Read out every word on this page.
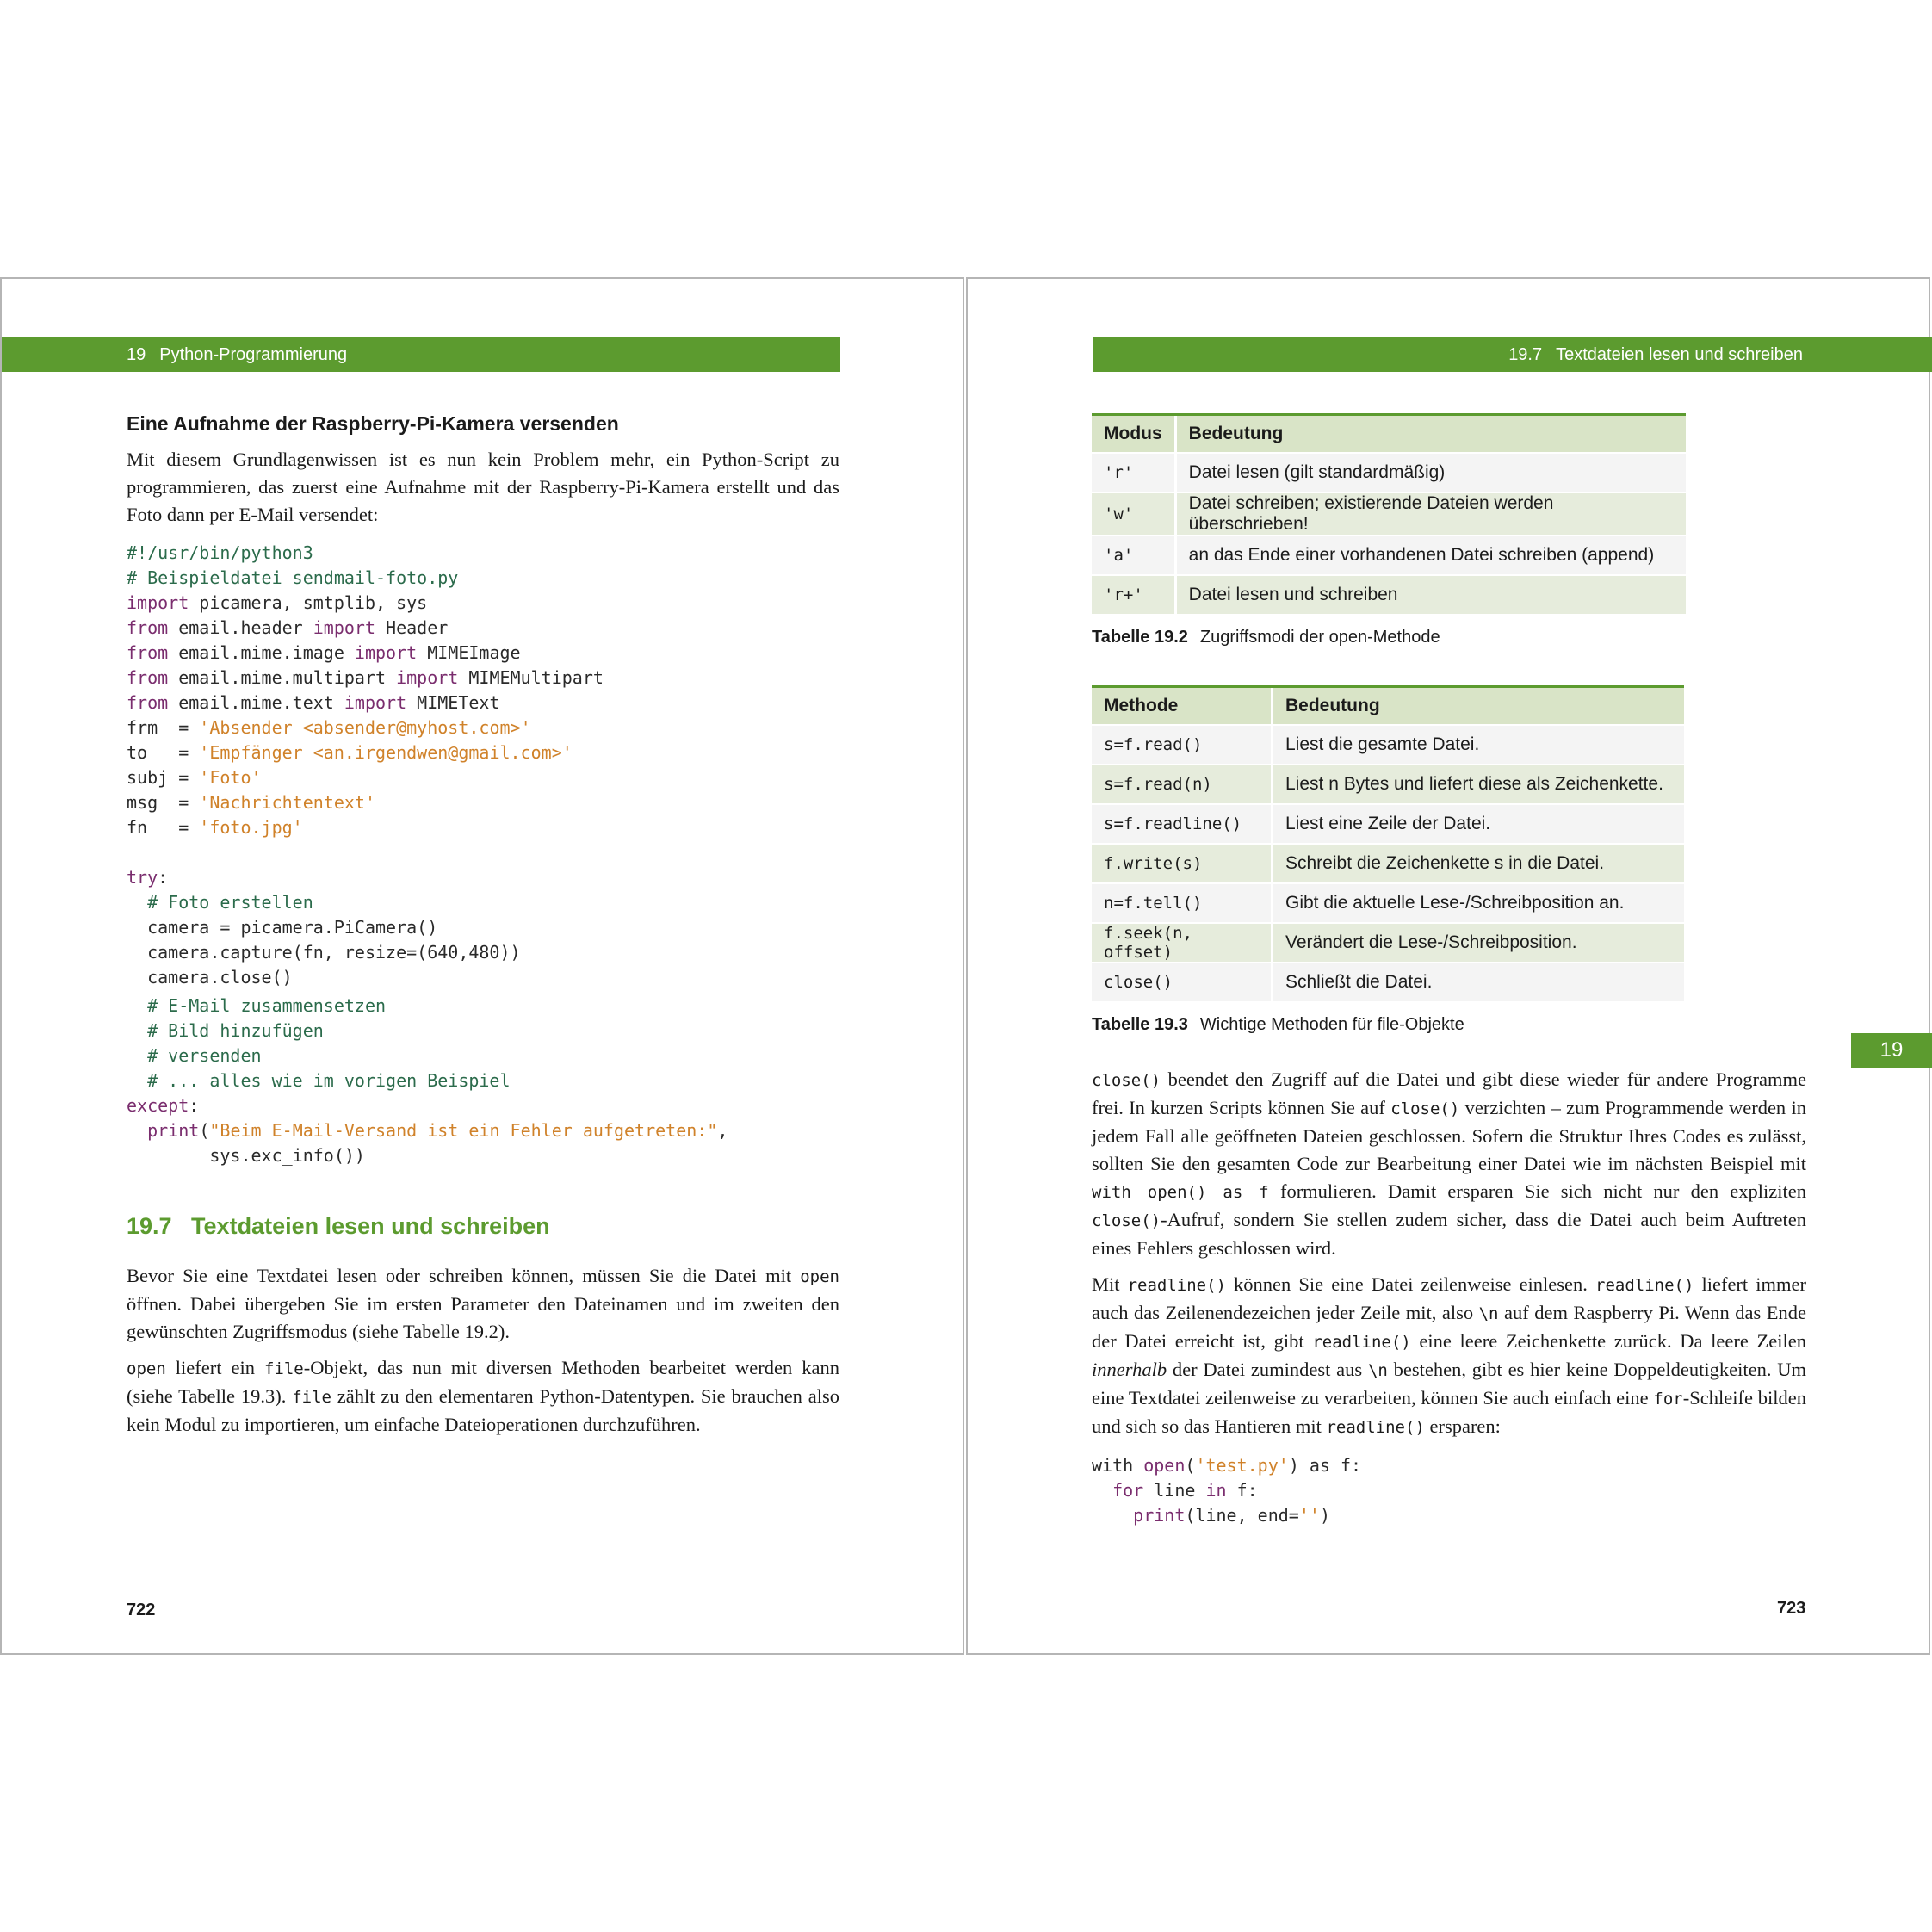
19 Python-Programmierung
Eine Aufnahme der Raspberry-Pi-Kamera versenden

Mit diesem Grundlagenwissen ist es nun kein Problem mehr, ein Python-Script zu programmieren, das zuerst eine Aufnahme mit der Raspberry-Pi-Kamera erstellt und das Foto dann per E-Mail versendet:

#!/usr/bin/python3
# Beispieldatei sendmail-foto.py
import picamera, smtplib, sys
from email.header import Header
from email.mime.image import MIMEImage
from email.mime.multipart import MIMEMultipart
from email.mime.text import MIMEText
frm  = 'Absender <absender@myhost.com>'
to   = 'Empfänger <an.irgendwen@gmail.com>'
subj = 'Foto'
msg  = 'Nachrichtentext'
fn   = 'foto.jpg'

try:
# Foto erstellen
camera = picamera.PiCamera()
camera.capture(fn, resize=(640,480))
camera.close()

# E-Mail zusammensetzen
# Bild hinzufügen
# versenden
# ... alles wie im vorigen Beispiel
except:
print("Beim E-Mail-Versand ist ein Fehler aufgetreten:",
sys.exc_info())
19.7   Textdateien lesen und schreiben

Bevor Sie eine Textdatei lesen oder schreiben können, müssen Sie die Datei mit open öffnen. Dabei übergeben Sie im ersten Parameter den Dateinamen und im zweiten den gewünschten Zugriffsmodus (siehe Tabelle 19.2).

open liefert ein file-Objekt, das nun mit diversen Methoden bearbeitet werden kann (siehe Tabelle 19.3). file zählt zu den elementaren Python-Datentypen. Sie brauchen also kein Modul zu importieren, um einfache Dateioperationen durchzuführen.

722
19.7 Textdateien lesen und schreiben
Modus	Bedeutung
'r'	Datei lesen (gilt standardmäßig)
'w'	Datei schreiben; existierende Dateien werden überschrieben!
'a'	an das Ende einer vorhandenen Datei schreiben (append)
'r+'	Datei lesen und schreiben
Tabelle 19.2 Zugriffsmodi der open-Methode
Methode	Bedeutung
s=f.read()	Liest die gesamte Datei.
s=f.read(n)	Liest n Bytes und liefert diese als Zeichenkette.
s=f.readline()	Liest eine Zeile der Datei.
f.write(s)	Schreibt die Zeichenkette s in die Datei.
n=f.tell()	Gibt die aktuelle Lese-/Schreibposition an.
f.seek(n, offset)	Verändert die Lese-/Schreibposition.
close()	Schließt die Datei.
Tabelle 19.3 Wichtige Methoden für file-Objekte

close() beendet den Zugriff auf die Datei und gibt diese wieder für andere Programme frei. In kurzen Scripts können Sie auf close() verzichten – zum Programmende werden in jedem Fall alle geöffneten Dateien geschlossen. Sofern die Struktur Ihres Codes es zulässt, sollten Sie den gesamten Code zur Bearbeitung einer Datei wie im nächsten Beispiel mit with open() as f formulieren. Damit ersparen Sie sich nicht nur den expliziten close()-Aufruf, sondern Sie stellen zudem sicher, dass die Datei auch beim Auftreten eines Fehlers geschlossen wird.

Mit readline() können Sie eine Datei zeilenweise einlesen. readline() liefert immer auch das Zeilenendezeichen jeder Zeile mit, also \n auf dem Raspberry Pi. Wenn das Ende der Datei erreicht ist, gibt readline() eine leere Zeichenkette zurück. Da leere Zeilen innerhalb der Datei zumindest aus \n bestehen, gibt es hier keine Doppeldeutigkeiten. Um eine Textdatei zeilenweise zu verarbeiten, können Sie auch einfach eine for-Schleife bilden und sich so das Hantieren mit readline() ersparen:

with open('test.py') as f:
for line in f:
print(line, end='')
723
19
